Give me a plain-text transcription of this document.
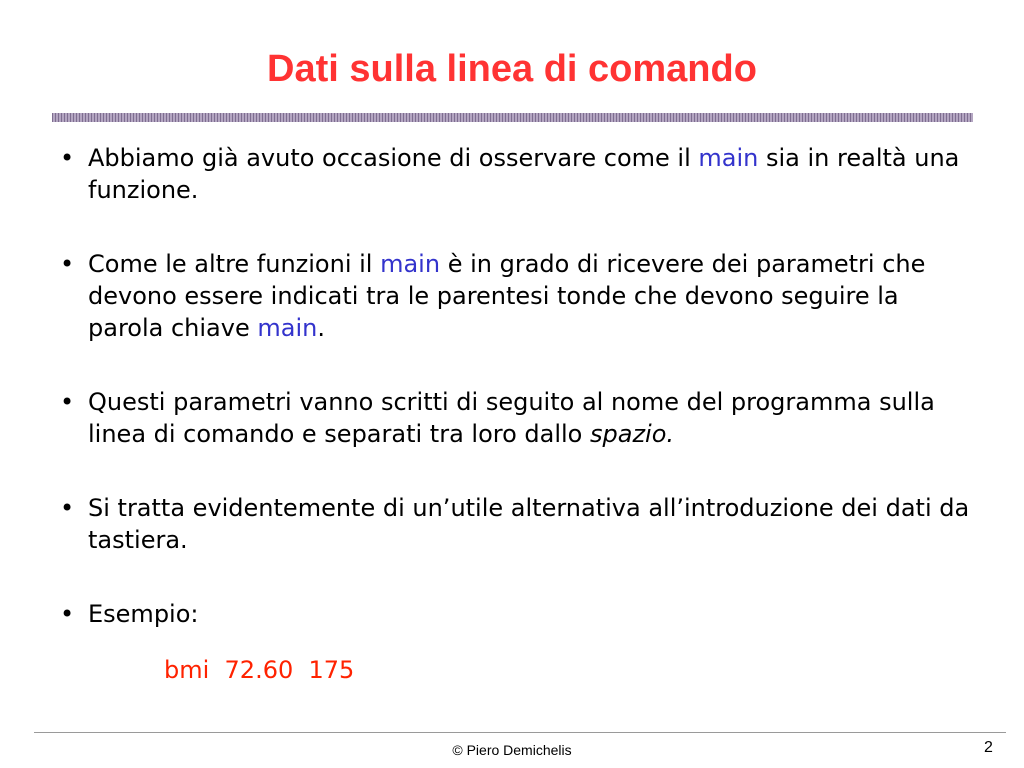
Dati sulla linea di comando
• Abbiamo già avuto occasione di osservare come il main sia in realtà una funzione.
• Come le altre funzioni il main è in grado di ricevere dei parametri che devono essere indicati tra le parentesi tonde che devono seguire la parola chiave main.
• Questi parametri vanno scritti di seguito al nome del programma sulla linea di comando e separati tra loro dallo spazio.
• Si tratta evidentemente di un’utile alternativa all’introduzione dei dati da tastiera.
• Esempio:
bmi  72.60  175
© Piero Demichelis	2
